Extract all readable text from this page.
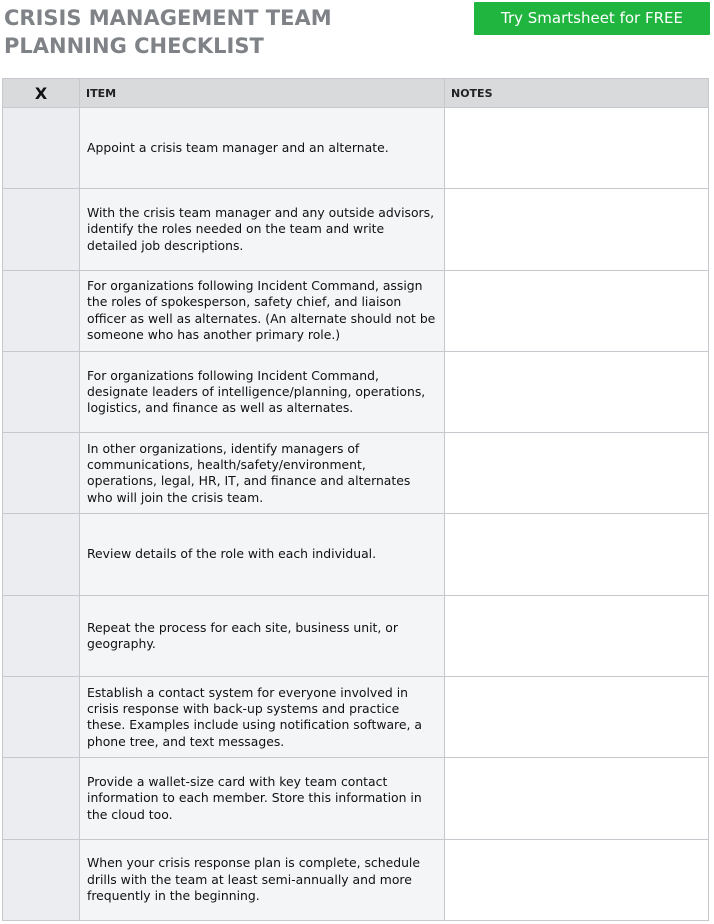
CRISIS MANAGEMENT TEAM PLANNING CHECKLIST
Try Smartsheet for FREE
X	ITEM	NOTES
	Appoint a crisis team manager and an alternate.	
	With the crisis team manager and any outside advisors, identify the roles needed on the team and write detailed job descriptions.	
	For organizations following Incident Command, assign the roles of spokesperson, safety chief, and liaison officer as well as alternates. (An alternate should not be someone who has another primary role.)	
	For organizations following Incident Command, designate leaders of intelligence/planning, operations, logistics, and finance as well as alternates.	
	In other organizations, identify managers of communications, health/safety/environment, operations, legal, HR, IT, and finance and alternates who will join the crisis team.	
	Review details of the role with each individual.	
	Repeat the process for each site, business unit, or geography.	
	Establish a contact system for everyone involved in crisis response with back-up systems and practice these. Examples include using notification software, a phone tree, and text messages.	
	Provide a wallet-size card with key team contact information to each member. Store this information in the cloud too.	
	When your crisis response plan is complete, schedule drills with the team at least semi-annually and more frequently in the beginning.	
